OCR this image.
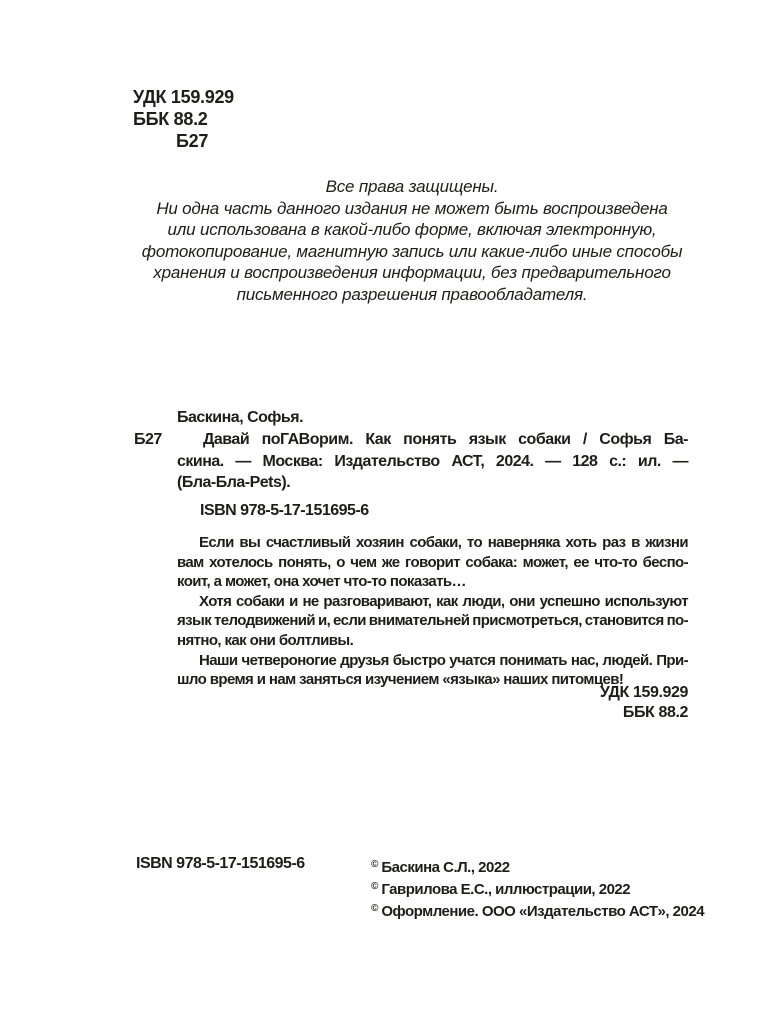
УДК 159.929
ББК 88.2
Б27
Все права защищены.
Ни одна часть данного издания не может быть воспроизведена
или использована в какой-либо форме, включая электронную,
фотокопирование, магнитную запись или какие-либо иные способы
хранения и воспроизведения информации, без предварительного
письменного разрешения правообладателя.
Баскина, Софья.
Б27	Давай поГАВорим. Как понять язык собаки / Софья Ба-
скина. — Москва: Издательство АСТ, 2024. — 128 с.: ил. —
(Бла-Бла-Pets).
ISBN 978-5-17-151695-6
Если вы счастливый хозяин собаки, то наверняка хоть раз в жизни
вам хотелось понять, о чем же говорит собака: может, ее что-то беспо-
коит, а может, она хочет что-то показать…
Хотя собаки и не разговаривают, как люди, они успешно используют
язык телодвижений и, если внимательней присмотреться, становится по-
нятно, как они болтливы.
Наши четвероногие друзья быстро учатся понимать нас, людей. При-
шло время и нам заняться изучением «языка» наших питомцев!
УДК 159.929
ББК 88.2
ISBN 978-5-17-151695-6	© Баскина С.Л., 2022
© Гаврилова Е.С., иллюстрации, 2022
© Оформление. ООО «Издательство АСТ», 2024
